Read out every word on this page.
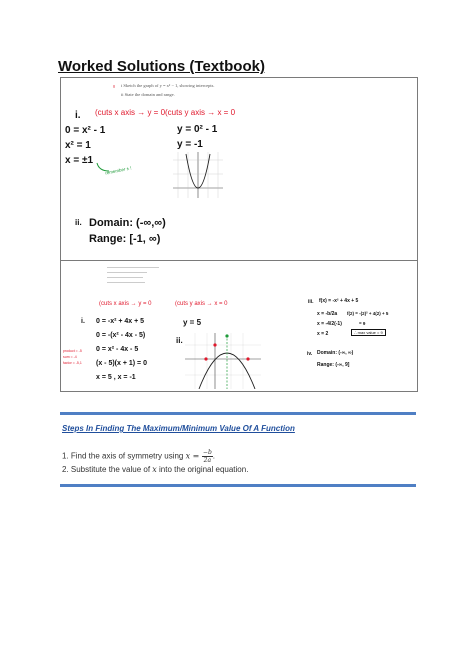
Worked Solutions (Textbook)
8 i Sketch the graph of y = x² − 1, showing intercepts.
ii State the domain and range.
i. (cuts x axis → y = 0
0 = x² - 1
x² = 1
x = ±1
remember ± !
(cuts y axis → x = 0
y = 0² - 1
y = -1
ii. Domain: (-∞,∞)
Range: [-1, ∞)
(cuts x axis → y = 0
i. 0 = -x² + 4x + 5
0 = -(x² - 4x - 5)
0 = x² - 4x - 5
(x - 5)(x + 1) = 0
x = 5 , x = -1
product = -5
sum = -4
factor = -5,1
(cuts y axis → x = 0
y = 5
ii.
iii. f(x) = -x² + 4x + 5
x = -b/2a
x = -4/2(-1)
x = 2
f(2) = -(2)² + 4(2) + 5
= 9
∴ max value = 9
iv. Domain: (-∞, ∞)
Range: (-∞, 9]
Steps In Finding The Maximum/Minimum Value Of A Function
1. Find the axis of symmetry using $x = \frac{-b}{2a}$ .
2. Substitute the value of x into the original equation.
